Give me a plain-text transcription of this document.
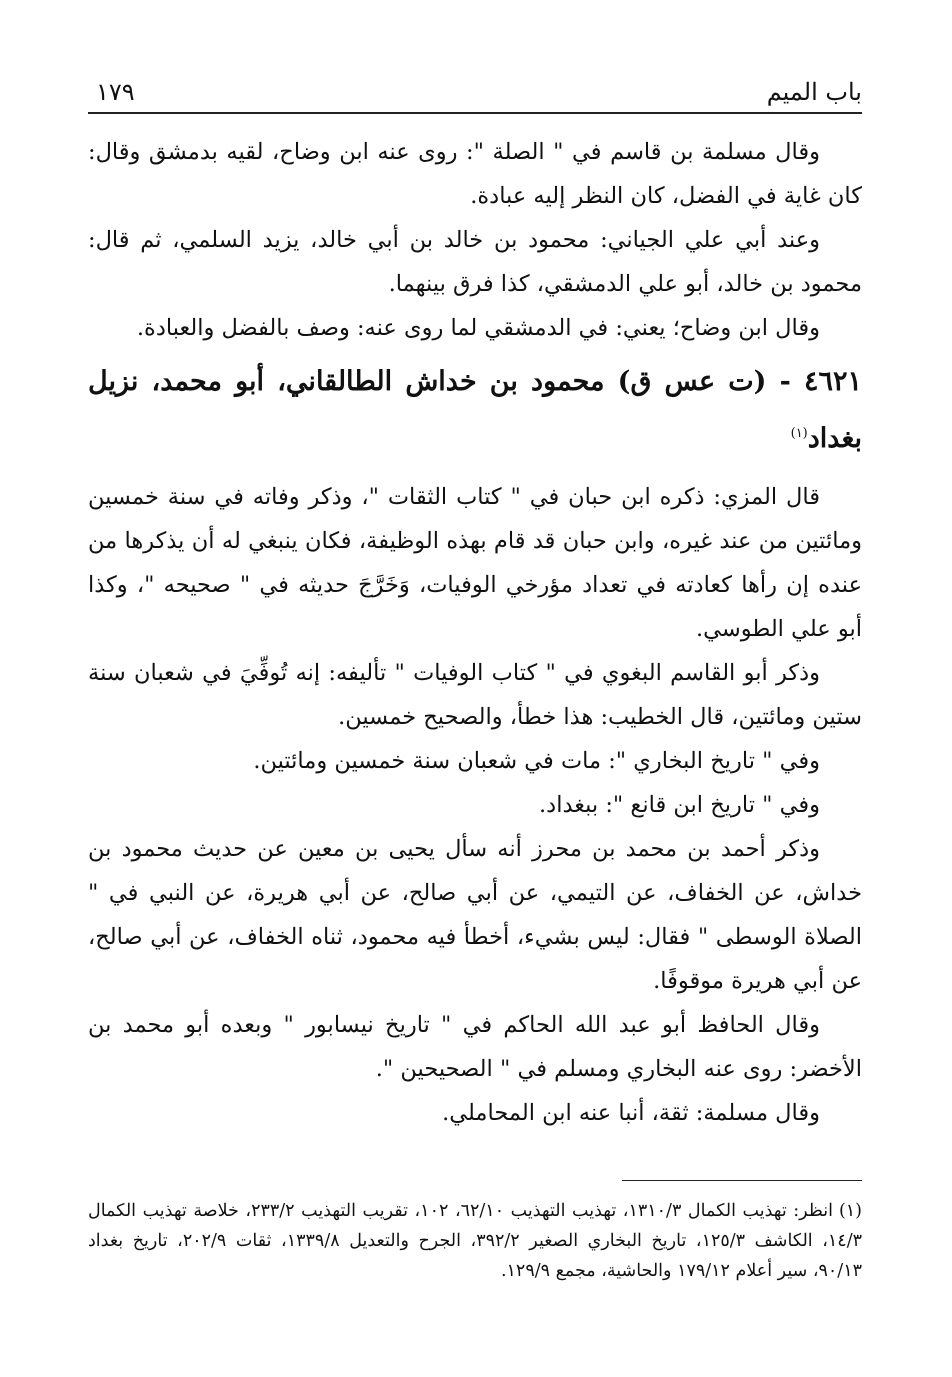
باب الميم
١٧٩

وقال مسلمة بن قاسم في " الصلة ": روى عنه ابن وضاح، لقيه بدمشق وقال: كان غاية في الفضل، كان النظر إليه عبادة.

وعند أبي علي الجياني: محمود بن خالد بن أبي خالد، يزيد السلمي، ثم قال: محمود بن خالد، أبو علي الدمشقي، كذا فرق بينهما.

وقال ابن وضاح؛ يعني: في الدمشقي لما روى عنه: وصف بالفضل والعبادة.

٤٦٢١ - (ت عس ق) محمود بن خداش الطالقاني، أبو محمد، نزيل بغداد$^{(١)}$

قال المزي: ذكره ابن حبان في " كتاب الثقات "، وذكر وفاته في سنة خمسين ومائتين من عند غيره، وابن حبان قد قام بهذه الوظيفة، فكان ينبغي له أن يذكرها من عنده إن رأها كعادته في تعداد مؤرخي الوفيات، وَخَرَّجَ حديثه في " صحيحه "، وكذا أبو علي الطوسي.

وذكر أبو القاسم البغوي في " كتاب الوفيات " تأليفه: إنه تُوفِّيَ في شعبان سنة ستين ومائتين، قال الخطيب: هذا خطأ، والصحيح خمسين.

وفي " تاريخ البخاري ": مات في شعبان سنة خمسين ومائتين.

وفي " تاريخ ابن قانع ": ببغداد.

وذكر أحمد بن محمد بن محرز أنه سأل يحيى بن معين عن حديث محمود بن خداش، عن الخفاف، عن التيمي، عن أبي صالح، عن أبي هريرة، عن النبي في " الصلاة الوسطى " فقال: ليس بشيء، أخطأ فيه محمود، ثناه الخفاف، عن أبي صالح، عن أبي هريرة موقوفًا.

وقال الحافظ أبو عبد الله الحاكم في " تاريخ نيسابور " وبعده أبو محمد بن الأخضر: روى عنه البخاري ومسلم في " الصحيحين ".

وقال مسلمة: ثقة، أنبا عنه ابن المحاملي.

(١)انظر: تهذيب الكمال ١٣١٠/٣، تهذيب التهذيب ٦٢/١٠، ١٠٢، تقريب التهذيب ٢٣٣/٢، خلاصة تهذيب الكمال ١٤/٣، الكاشف ١٢٥/٣، تاريخ البخاري الصغير ٣٩٢/٢، الجرح والتعديل ١٣٣٩/٨، ثقات ٢٠٢/٩، تاريخ بغداد ٩٠/١٣، سير أعلام ١٧٩/١٢ والحاشية، مجمع ١٢٩/٩.
